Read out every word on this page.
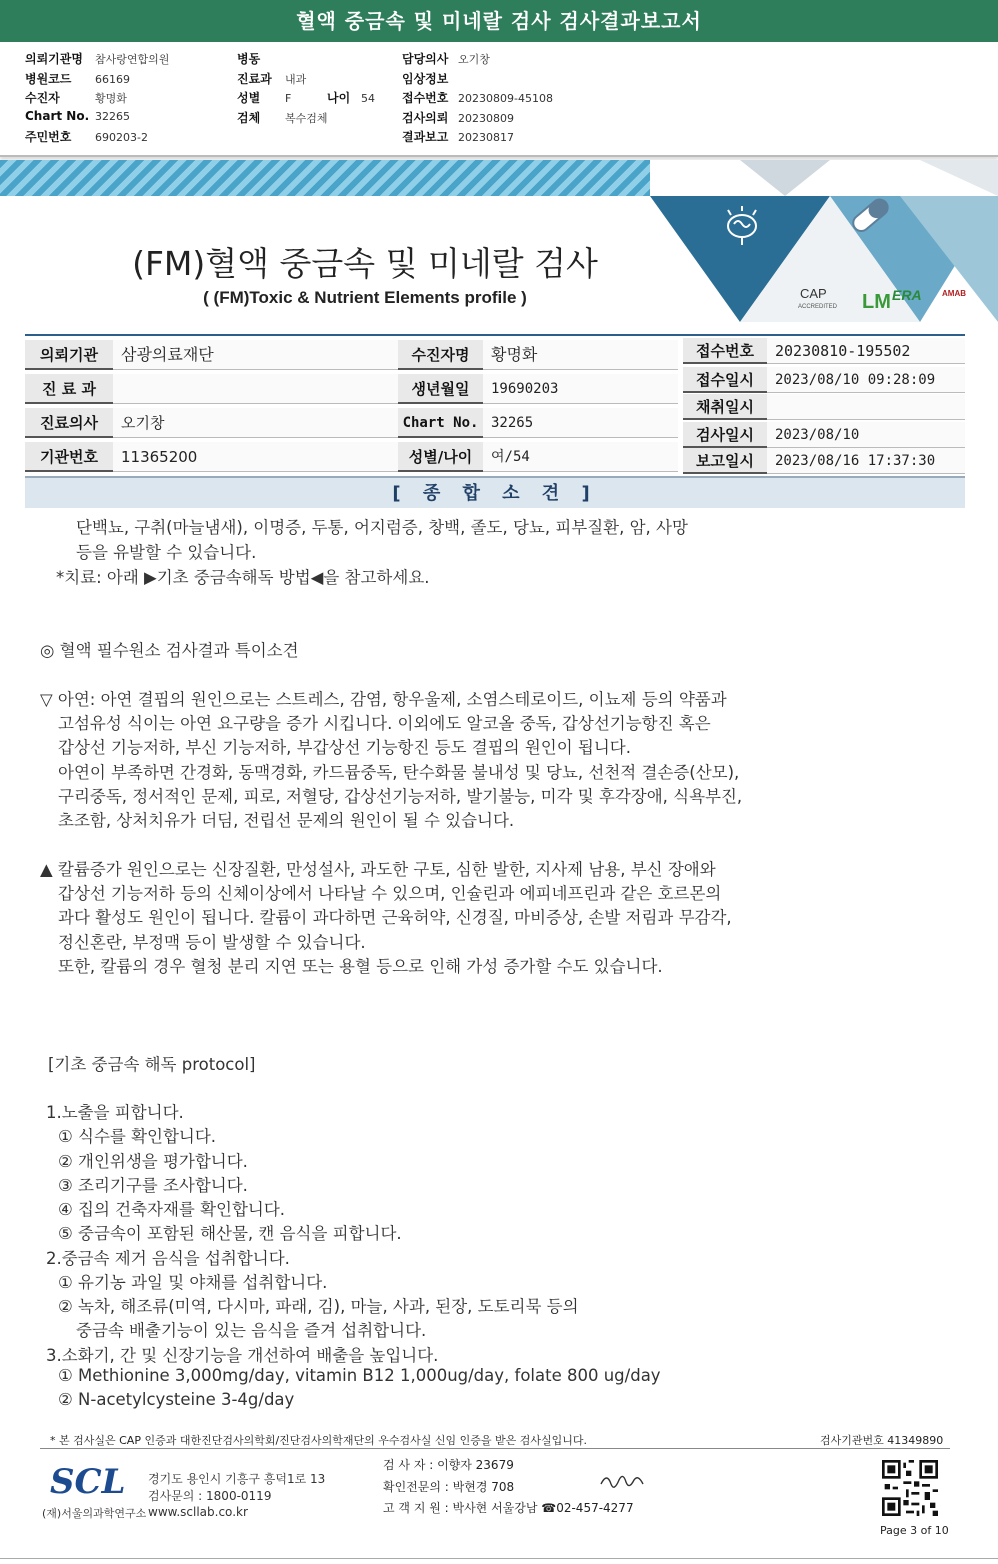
혈액 중금속 및 미네랄 검사 검사결과보고서
의뢰기관명 참사랑연합의원
병원코드 66169
수진자	황명화
Chart No. 32265
주민번호 690203-2
병동
진료과 내과
성별 F	나이 54
검체 복수검체
담당의사 오기창
임상정보
접수번호 20230809-45108
검사의뢰 20230809
결과보고 20230817
CAP
ACCREDITED LM ERA	AMAB
(FM)혈액 중금속 및 미네랄 검사
( (FM)Toxic & Nutrient Elements profile )
의뢰기관	삼광의료재단
진 료 과
진료의사	오기창
기관번호	11365200
수진자명	황명화
생년월일	19690203
Chart No. 32265
성별/나이	여/54
접수번호	20230810-195502
접수일시	2023/08/10 09:28:09
채취일시
검사일시	2023/08/10
보고일시	2023/08/16 17:37:30
[ 종 합 소 견 ]
단백뇨, 구취(마늘냄새), 이명증, 두통, 어지럼증, 창백, 졸도, 당뇨, 피부질환, 암, 사망
등을 유발할 수 있습니다.
*치료: 아래 ▶기초 중금속해독 방법◀을 참고하세요.
◎ 혈액 필수원소 검사결과 특이소견
▽ 아연: 아연 결핍의 원인으로는 스트레스, 감염, 항우울제, 소염스테로이드, 이뇨제 등의 약품과
고섬유성 식이는 아연 요구량을 증가 시킵니다. 이외에도 알코올 중독, 갑상선기능항진 혹은
갑상선 기능저하, 부신 기능저하, 부갑상선 기능항진 등도 결핍의 원인이 됩니다.
아연이 부족하면 간경화, 동맥경화, 카드뮴중독, 탄수화물 불내성 및 당뇨, 선천적 결손증(산모),
구리중독, 정서적인 문제, 피로, 저혈당, 갑상선기능저하, 발기불능, 미각 및 후각장애, 식욕부진,
초조함, 상처치유가 더딤, 전립선 문제의 원인이 될 수 있습니다.
▲ 칼륨증가 원인으로는 신장질환, 만성설사, 과도한 구토, 심한 발한, 지사제 남용, 부신 장애와
갑상선 기능저하 등의 신체이상에서 나타날 수 있으며, 인슐린과 에피네프린과 같은 호르몬의
과다 활성도 원인이 됩니다. 칼륨이 과다하면 근육허약, 신경질, 마비증상, 손발 저림과 무감각,
정신혼란, 부정맥 등이 발생할 수 있습니다.
또한, 칼륨의 경우 혈청 분리 지연 또는 용혈 등으로 인해 가성 증가할 수도 있습니다.
[기초 중금속 해독 protocol]
1.노출을 피합니다.
① 식수를 확인합니다.
② 개인위생을 평가합니다.
③ 조리기구를 조사합니다.
④ 집의 건축자재를 확인합니다.
⑤ 중금속이 포함된 해산물, 캔 음식을 피합니다.
2.중금속 제거 음식을 섭취합니다.
① 유기농 과일 및 야채를 섭취합니다.
② 녹차, 해조류(미역, 다시마, 파래, 김), 마늘, 사과, 된장, 도토리묵 등의
중금속 배출기능이 있는 음식을 즐겨 섭취합니다.
3.소화기, 간 및 신장기능을 개선하여 배출을 높입니다.
① Methionine 3,000mg/day, vitamin B12 1,000ug/day, folate 800 ug/day
② N-acetylcysteine 3-4g/day
* 본 검사실은 CAP 인증과 대한진단검사의학회/진단검사의학재단의 우수검사실 신임 인증을 받은 검사실입니다.	검사기관번호 41349890
SCL
(재)서울의과학연구소
경기도 용인시 기흥구 흥덕1로 13
검사문의 : 1800-0119
www.scllab.co.kr
검 사 자 : 이향자 23679
확인전문의 : 박현경 708
고 객 지 원 : 박사현 서울강남 ☎02-457-4277
Page 3 of 10
